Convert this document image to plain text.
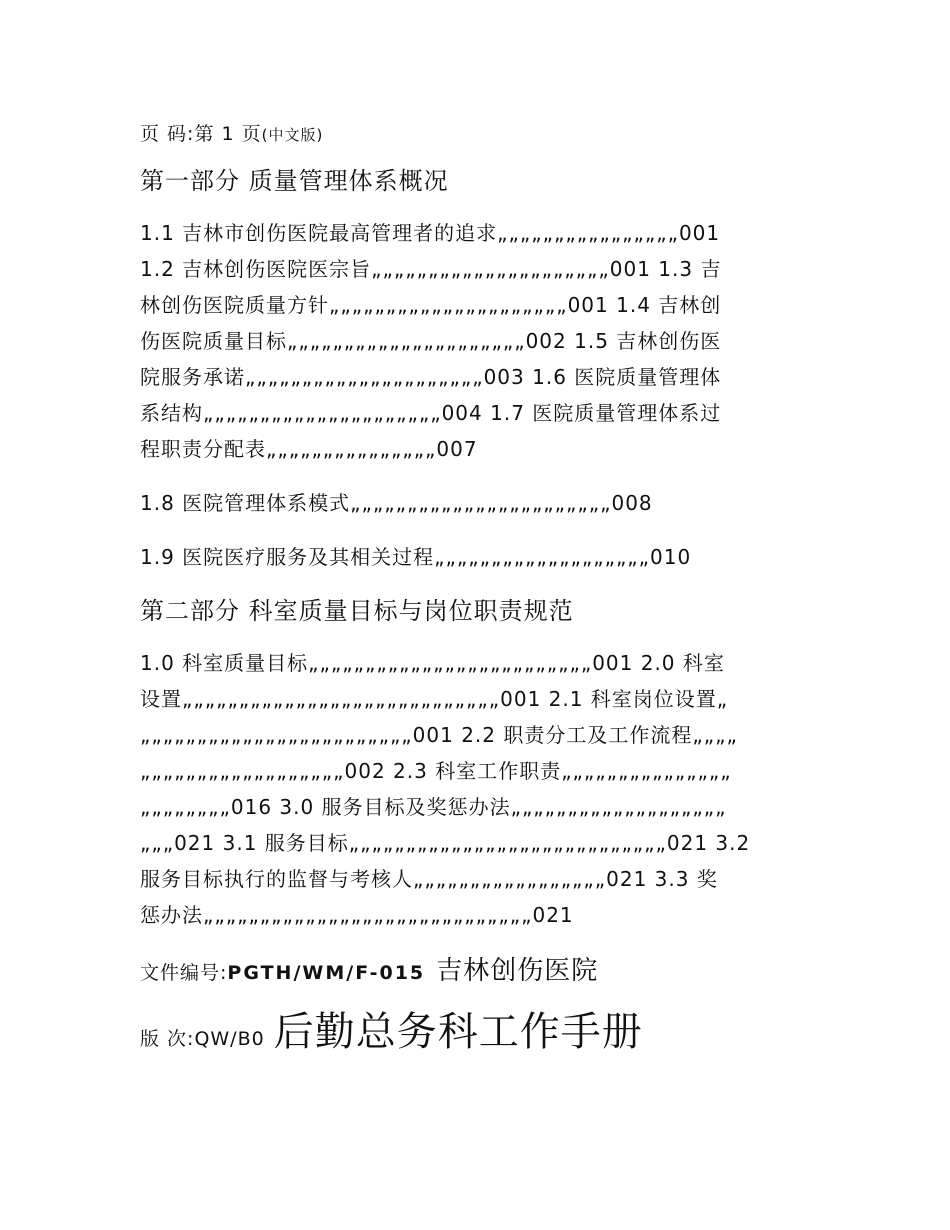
页 码:第 1 页(中文版)
第一部分 质量管理体系概况
1.1 吉林市创伤医院最高管理者的追求„„„„„„„„„„„„„„„„001
1.2 吉林创伤医院医宗旨„„„„„„„„„„„„„„„„„„„„„001 1.3 吉
林创伤医院质量方针„„„„„„„„„„„„„„„„„„„„„001 1.4 吉林创
伤医院质量目标„„„„„„„„„„„„„„„„„„„„„002 1.5 吉林创伤医
院服务承诺„„„„„„„„„„„„„„„„„„„„„003 1.6 医院质量管理体
系结构„„„„„„„„„„„„„„„„„„„„„004 1.7 医院质量管理体系过
程职责分配表„„„„„„„„„„„„„„„007
1.8 医院管理体系模式„„„„„„„„„„„„„„„„„„„„„„„008
1.9 医院医疗服务及其相关过程„„„„„„„„„„„„„„„„„„„010
第二部分 科室质量目标与岗位职责规范
1.0 科室质量目标„„„„„„„„„„„„„„„„„„„„„„„„„001 2.0 科室
设置„„„„„„„„„„„„„„„„„„„„„„„„„„„„001 2.1 科室岗位设置„
„„„„„„„„„„„„„„„„„„„„„„„„001 2.2 职责分工及工作流程„„„„
„„„„„„„„„„„„„„„„„„002 2.3 科室工作职责„„„„„„„„„„„„„„„
„„„„„„„„016 3.0 服务目标及奖惩办法„„„„„„„„„„„„„„„„„„„
„„„021 3.1 服务目标„„„„„„„„„„„„„„„„„„„„„„„„„„„„021 3.2
服务目标执行的监督与考核人„„„„„„„„„„„„„„„„„021 3.3 奖
惩办法„„„„„„„„„„„„„„„„„„„„„„„„„„„„„021
文件编号:PGTH/WM/F-015 吉林创伤医院
版 次:QW/B0 后勤总务科工作手册
